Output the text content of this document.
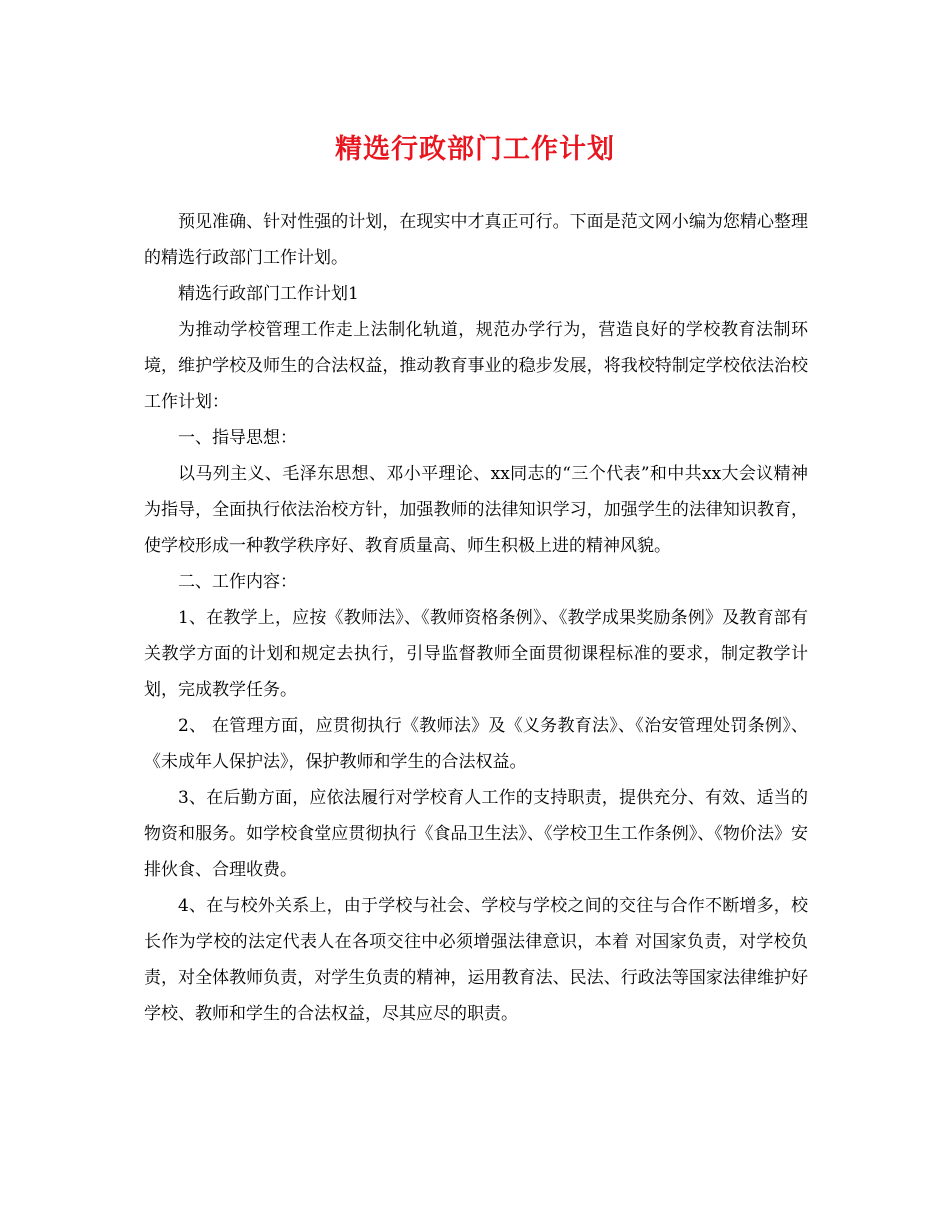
精选行政部门工作计划

预见准确、针对性强的计划，在现实中才真正可行。下面是范文网小编为您精心整理的精选行政部门工作计划。

精选行政部门工作计划1

为推动学校管理工作走上法制化轨道，规范办学行为，营造良好的学校教育法制环境，维护学校及师生的合法权益，推动教育事业的稳步发展，将我校特制定学校依法治校工作计划：

一、指导思想：

以马列主义、毛泽东思想、邓小平理论、xx同志的“三个代表”和中共xx大会议精神为指导，全面执行依法治校方针，加强教师的法律知识学习，加强学生的法律知识教育，使学校形成一种教学秩序好、教育质量高、师生积极上进的精神风貌。

二、工作内容：

1、在教学上，应按《教师法》、《教师资格条例》、《教学成果奖励条例》及教育部有关教学方面的计划和规定去执行，引导监督教师全面贯彻课程标准的要求，制定教学计划，完成教学任务。

2、 在管理方面，应贯彻执行《教师法》及《义务教育法》、《治安管理处罚条例》、《未成年人保护法》，保护教师和学生的合法权益。

3、在后勤方面，应依法履行对学校育人工作的支持职责，提供充分、有效、适当的物资和服务。如学校食堂应贯彻执行《食品卫生法》、《学校卫生工作条例》、《物价法》安排伙食、合理收费。

4、在与校外关系上，由于学校与社会、学校与学校之间的交往与合作不断增多，校长作为学校的法定代表人在各项交往中必须增强法律意识，本着 对国家负责，对学校负责，对全体教师负责，对学生负责的精神，运用教育法、民法、行政法等国家法律维护好学校、教师和学生的合法权益，尽其应尽的职责。
